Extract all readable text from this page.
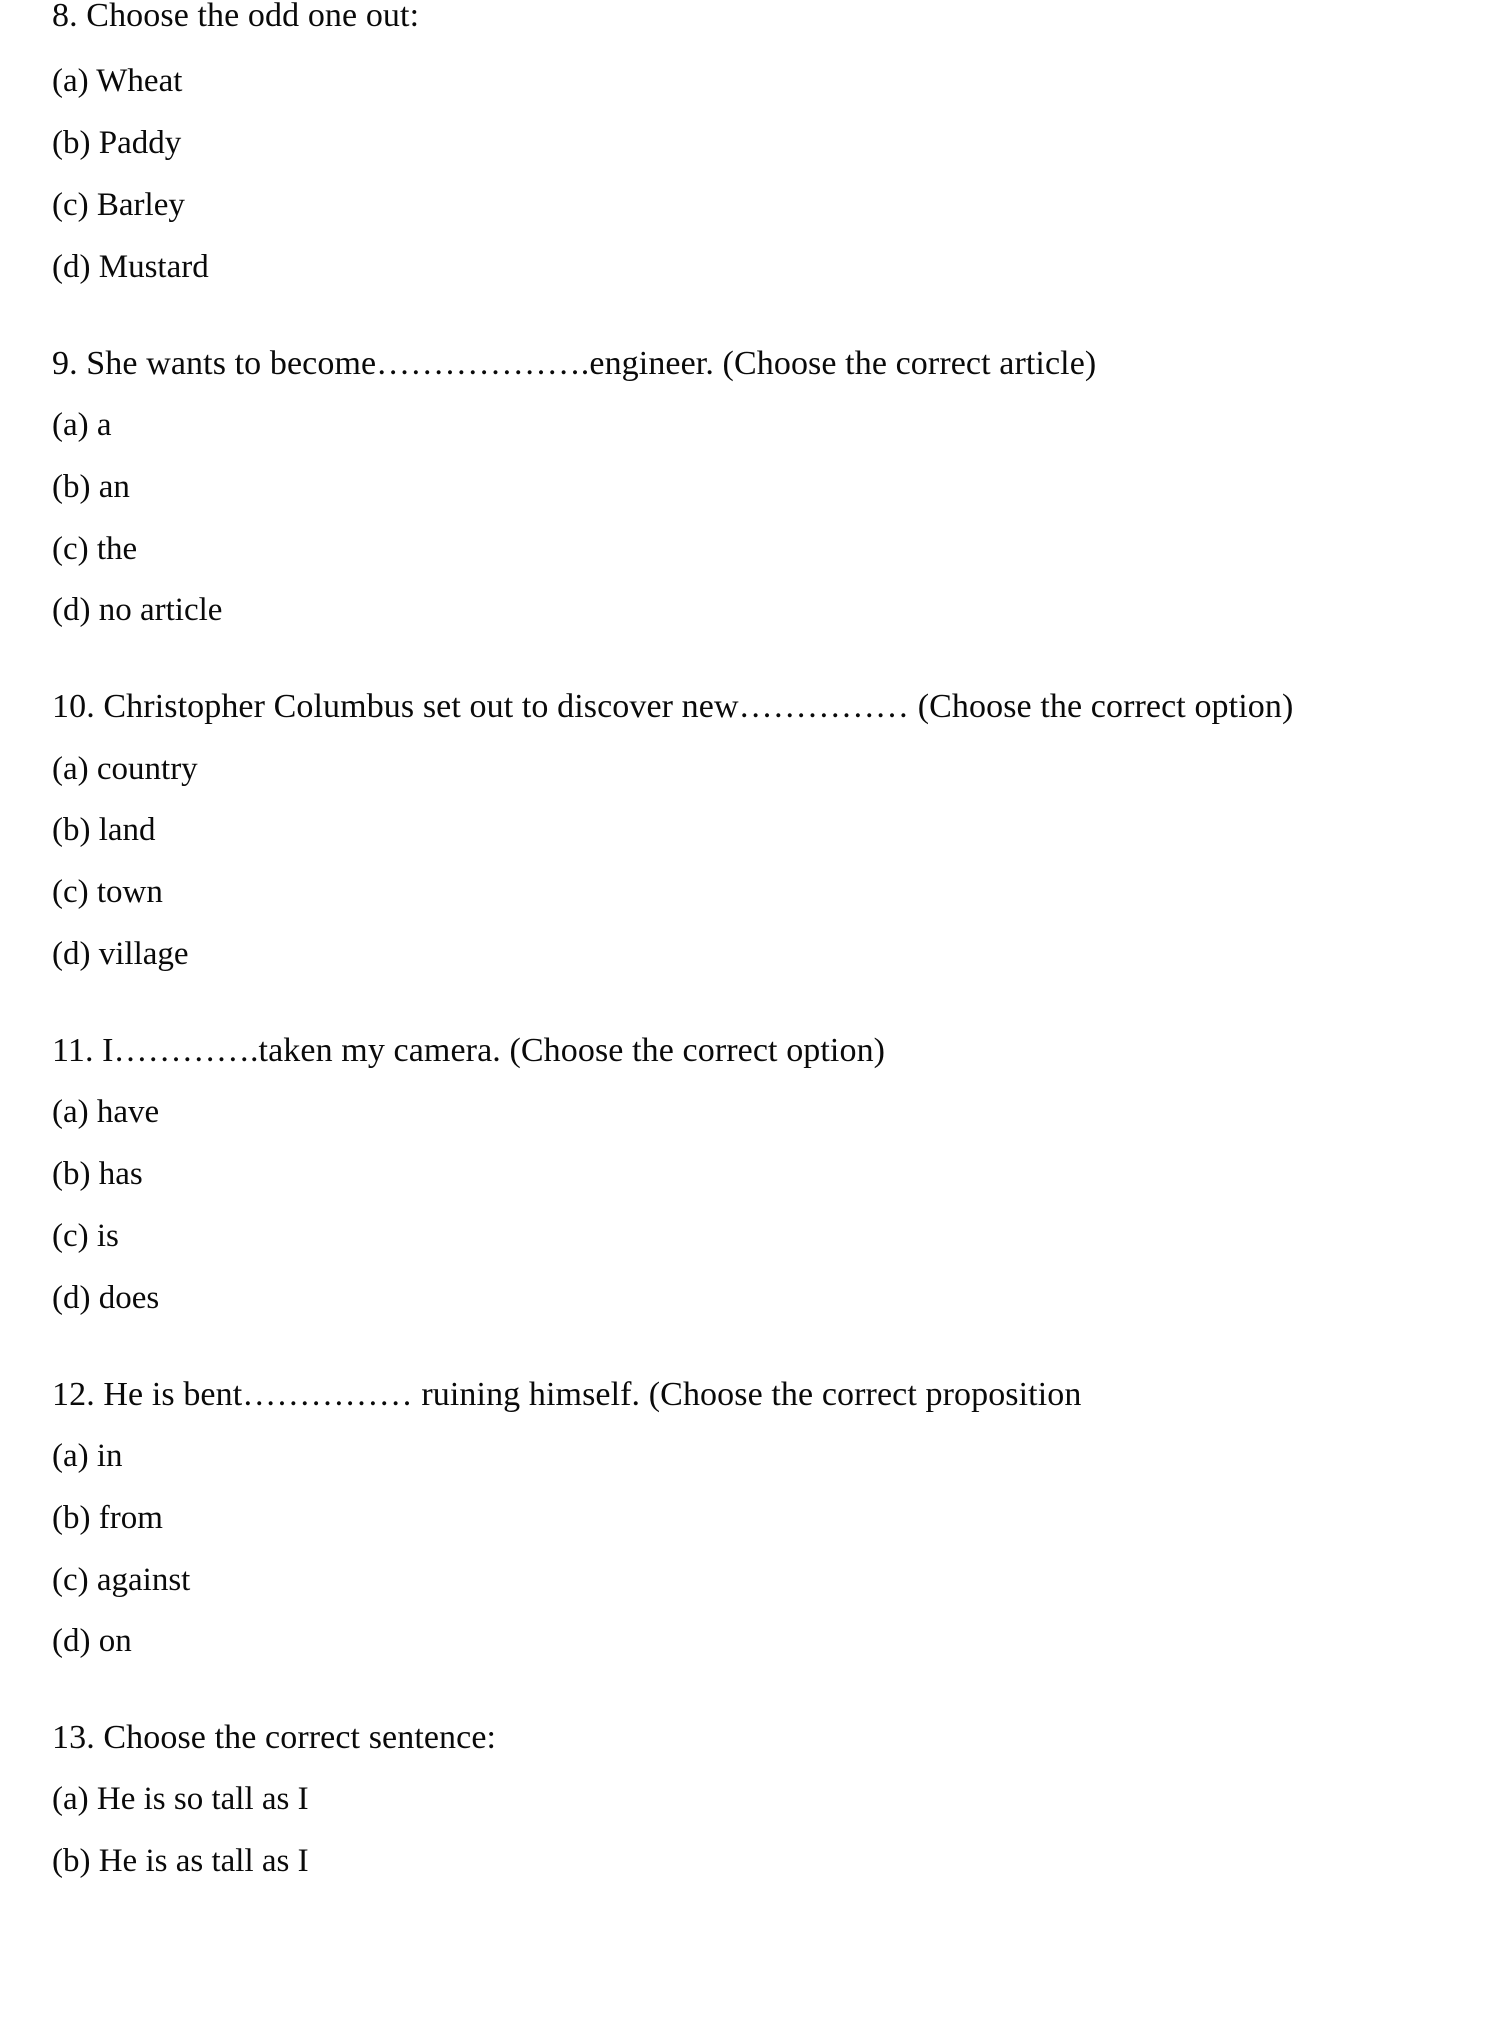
8. Choose the odd one out:

(a) Wheat
(b) Paddy
(c) Barley
(d) Mustard

9. She wants to become……………….engineer. (Choose the correct article)

(a) a
(b) an
(c) the
(d) no article

10. Christopher Columbus set out to discover new…………… (Choose the correct option)

(a) country
(b) land
(c) town
(d) village

11. I………….taken my camera. (Choose the correct option)

(a) have
(b) has
(c) is
(d) does

12. He is bent…………… ruining himself. (Choose the correct proposition

(a) in
(b) from
(c) against
(d) on

13. Choose the correct sentence:

(a) He is so tall as I
(b) He is as tall as I
